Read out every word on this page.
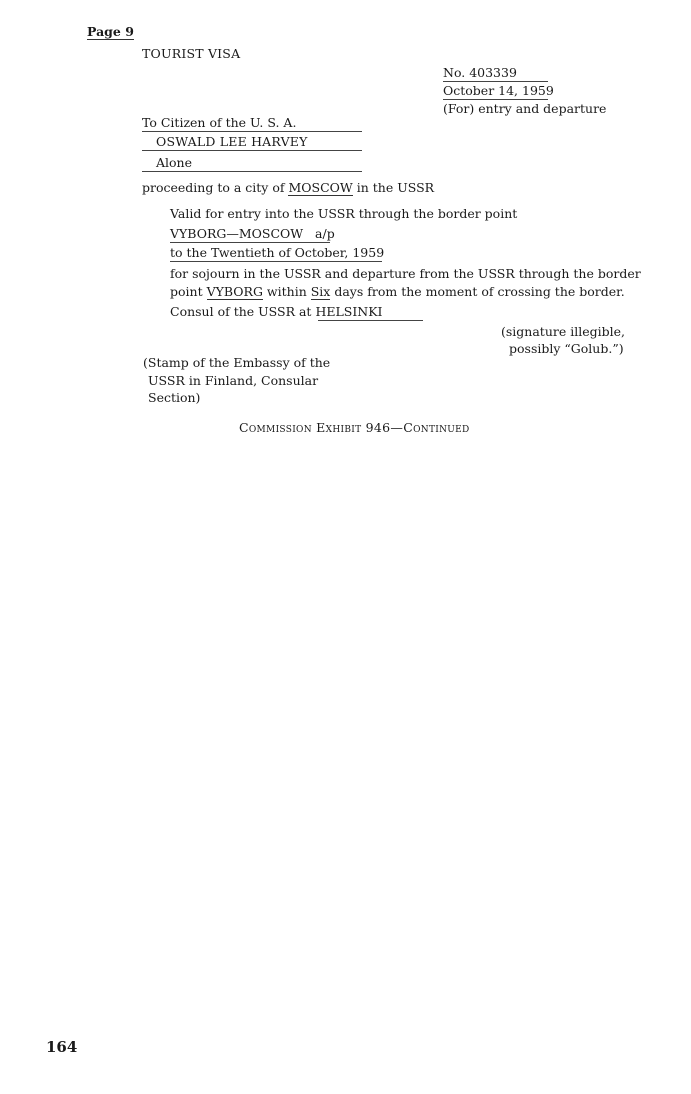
Page 9
TOURIST VISA
No. 403339
October 14, 1959
(For) entry and departure
To Citizen of the U. S. A.
OSWALD LEE HARVEY
Alone
proceeding to a city of MOSCOW in the USSR
Valid for entry into the USSR through the border point
VYBORG—MOSCOW   a/p
to the Twentieth of October, 1959
for sojourn in the USSR and departure from the USSR through the border
point VYBORG within Six days from the moment of crossing the border.
Consul of the USSR at HELSINKI
(signature illegible,
possibly “Golub.”)
(Stamp of the Embassy of the
USSR in Finland, Consular
Section)
Commission Exhibit 946—Continued
164
